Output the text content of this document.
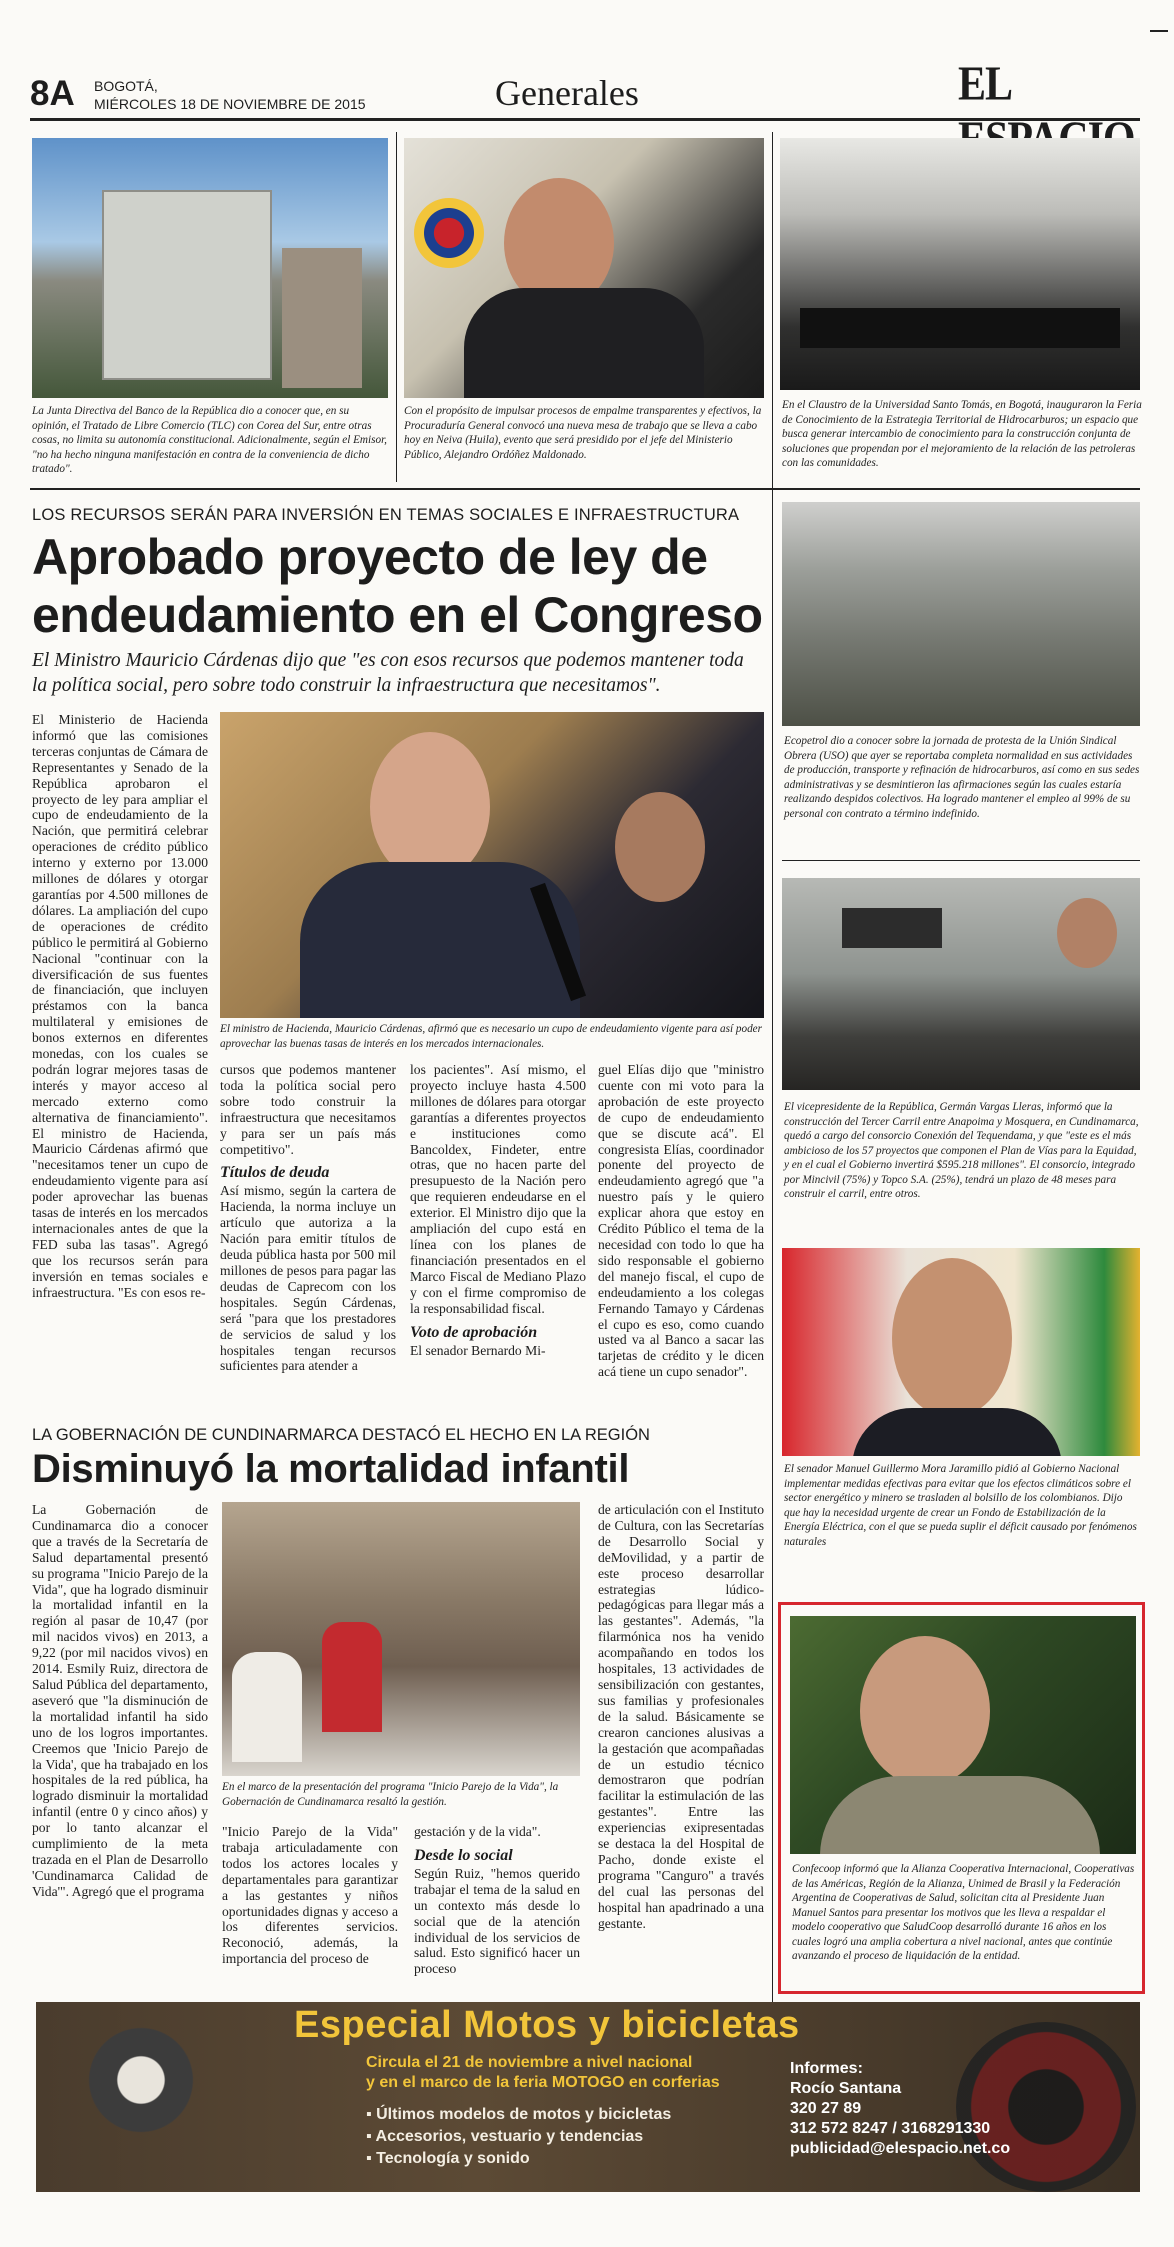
8A BOGOTÁ,
MIÉRCOLES 18 DE NOVIEMBRE DE 2015	Generales	EL
La Junta Directiva del Banco de la República dio a conocer que, en su opinión, el Tratado de Libre Comercio (TLC) con Corea del Sur, entre otras cosas, no limita su autonomía constitucional. Adicionalmente, según el Emisor, "no ha hecho ninguna manifestación en contra de la conveniencia de dicho tratado".
Con el propósito de impulsar procesos de empalme transparentes y efectivos, la Procuraduría General convocó una nueva mesa de trabajo que se lleva a cabo hoy en Neiva (Huila), evento que será presidido por el jefe del Ministerio Público, Alejandro Ordóñez Maldonado.
En el Claustro de la Universidad Santo Tomás, en Bogotá, inauguraron la Feria de Conocimiento de la Estrategia Territorial de Hidrocarburos; un espacio que busca generar intercambio de conocimiento para la construcción conjunta de soluciones que propendan por el mejoramiento de la relación de las petroleras con las comunidades.
LOS RECURSOS SERÁN PARA INVERSIÓN EN TEMAS SOCIALES E INFRAESTRUCTURA
Aprobado proyecto de ley de
endeudamiento en el Congreso
El Ministro Mauricio Cárdenas dijo que "es con esos recursos que podemos mantener toda la política social, pero sobre todo construir la infraestructura que necesitamos".
El ministro de Hacienda, Mauricio Cárdenas, afirmó que es necesario un cupo de endeudamiento vigente para así poder aprovechar las buenas tasas de interés en los mercados internacionales.

El Ministerio de Hacienda informó que las comisiones terceras conjuntas de Cámara de Representantes y Senado de la República aprobaron el proyecto de ley para ampliar el cupo de endeudamiento de la Nación, que permitirá celebrar operaciones de crédito público interno y externo por 13.000 millones de dólares y otorgar garantías por 4.500 millones de dólares. La ampliación del cupo de operaciones de crédito público le permitirá al Gobierno Nacional "continuar con la diversificación de sus fuentes de financiación, que incluyen préstamos con la banca multilateral y emisiones de bonos externos en diferentes monedas, con los cuales se podrán lograr mejores tasas de interés y mayor acceso al mercado externo como alternativa de financiamiento". El ministro de Hacienda, Mauricio Cárdenas afirmó que "necesitamos tener un cupo de endeudamiento vigente para así poder aprovechar las buenas tasas de interés en los mercados internacionales antes de que la FED suba las tasas". Agregó que los recursos serán para inversión en temas sociales e infraestructura. "Es con esos re-

cursos que podemos mantener toda la política social pero sobre todo construir la infraestructura que necesitamos y para ser un país más competitivo".

Títulos de deuda

Así mismo, según la cartera de Hacienda, la norma incluye un artículo que autoriza a la Nación para emitir títulos de deuda pública hasta por 500 mil millones de pesos para pagar las deudas de Caprecom con los hospitales. Según Cárdenas, será "para que los prestadores de servicios de salud y los hospitales tengan recursos suficientes para atender a

los pacientes". Así mismo, el proyecto incluye hasta 4.500 millones de dólares para otorgar garantías a diferentes proyectos e instituciones como Bancoldex, Findeter, entre otras, que no hacen parte del presupuesto de la Nación pero que requieren endeudarse en el exterior. El Ministro dijo que la ampliación del cupo está en línea con los planes de financiación presentados en el Marco Fiscal de Mediano Plazo y con el firme compromiso de la responsabilidad fiscal.

Voto de aprobación

El senador Bernardo Mi-

guel Elías dijo que "ministro cuente con mi voto para la aprobación de este proyecto de cupo de endeudamiento que se discute acá". El congresista Elías, coordinador ponente del proyecto de endeudamiento agregó que "a nuestro país y le quiero explicar ahora que estoy en Crédito Público el tema de la necesidad con todo lo que ha sido responsable el gobierno del manejo fiscal, el cupo de endeudamiento a los colegas Fernando Tamayo y Cárdenas el cupo es eso, como cuando usted va al Banco a sacar las tarjetas de crédito y le dicen acá tiene un cupo senador".

LA GOBERNACIÓN DE CUNDINARMARCA DESTACÓ EL HECHO EN LA REGIÓN
Disminuyó la mortalidad infantil
En el marco de la presentación del programa "Inicio Parejo de la Vida", la Gobernación de Cundinamarca resaltó la gestión.

La Gobernación de Cundinamarca dio a conocer que a través de la Secretaría de Salud departamental presentó su programa "Inicio Parejo de la Vida", que ha logrado disminuir la mortalidad infantil en la región al pasar de 10,47 (por mil nacidos vivos) en 2013, a 9,22 (por mil nacidos vivos) en 2014. Esmily Ruiz, directora de Salud Pública del departamento, aseveró que "la disminución de la mortalidad infantil ha sido uno de los logros importantes. Creemos que 'Inicio Parejo de la Vida', que ha trabajado en los hospitales de la red pública, ha logrado disminuir la mortalidad infantil (entre 0 y cinco años) y por lo tanto alcanzar el cumplimiento de la meta trazada en el Plan de Desarrollo 'Cundinamarca Calidad de Vida'". Agregó que el programa

"Inicio Parejo de la Vida" trabaja articuladamente con todos los actores locales y departamentales para garantizar a las gestantes y niños oportunidades dignas y acceso a los diferentes servicios. Reconoció, además, la importancia del proceso de

gestación y de la vida".

Desde lo social

Según Ruiz, "hemos querido trabajar el tema de la salud en un contexto más desde lo social que de la atención individual de los servicios de salud. Esto significó hacer un proceso

de articulación con el Instituto de Cultura, con las Secretarías de Desarrollo Social y deMovilidad, y a partir de este proceso desarrollar estrategias lúdico-pedagógicas para llegar más a las gestantes". Además, "la filarmónica nos ha venido acompañando en todos los hospitales, 13 actividades de sensibilización con gestantes, sus familias y profesionales de la salud. Básicamente se crearon canciones alusivas a la gestación que acompañadas de un estudio técnico demostraron que podrían facilitar la estimulación de las gestantes". Entre las experiencias exipresentadas se destaca la del Hospital de Pacho, donde existe el programa "Canguro" a través del cual las personas del hospital han apadrinado a una gestante.

Ecopetrol dio a conocer sobre la jornada de protesta de la Unión Sindical Obrera (USO) que ayer se reportaba completa normalidad en sus actividades de producción, transporte y refinación de hidrocarburos, así como en sus sedes administrativas y se desmintieron las afirmaciones según las cuales estaría realizando despidos colectivos. Ha logrado mantener el empleo al 99% de su personal con contrato a término indefinido.
El vicepresidente de la República, Germán Vargas Lleras, informó que la construcción del Tercer Carril entre Anapoima y Mosquera, en Cundinamarca, quedó a cargo del consorcio Conexión del Tequendama, y que "este es el más ambicioso de los 57 proyectos que componen el Plan de Vías para la Equidad, y en el cual el Gobierno invertirá $595.218 millones". El consorcio, integrado por Mincivil (75%) y Topco S.A. (25%), tendrá un plazo de 48 meses para construir el carril, entre otros.
El senador Manuel Guillermo Mora Jaramillo pidió al Gobierno Nacional implementar medidas efectivas para evitar que los efectos climáticos sobre el sector energético y minero se trasladen al bolsillo de los colombianos. Dijo que hay la necesidad urgente de crear un Fondo de Estabilización de la Energía Eléctrica, con el que se pueda suplir el déficit causado por fenómenos naturales
Confecoop informó que la Alianza Cooperativa Internacional, Cooperativas de las Américas, Región de la Alianza, Unimed de Brasil y la Federación Argentina de Cooperativas de Salud, solicitan cita al Presidente Juan Manuel Santos para presentar los motivos que les lleva a respaldar el modelo cooperativo que SaludCoop desarrolló durante 16 años en los cuales logró una amplia cobertura a nivel nacional, antes que continúe avanzando el proceso de liquidación de la entidad.
Especial Motos y bicicletas
Circula el 21 de noviembre a nivel nacional
y en el marco de la feria MOTOGO en corferias
▪ Últimos modelos de motos y bicicletas
▪ Accesorios, vestuario y tendencias
▪ Tecnología y sonido
Informes:
Rocío Santana
320 27 89
312 572 8247 / 3168291330
publicidad@elespacio.net.co
